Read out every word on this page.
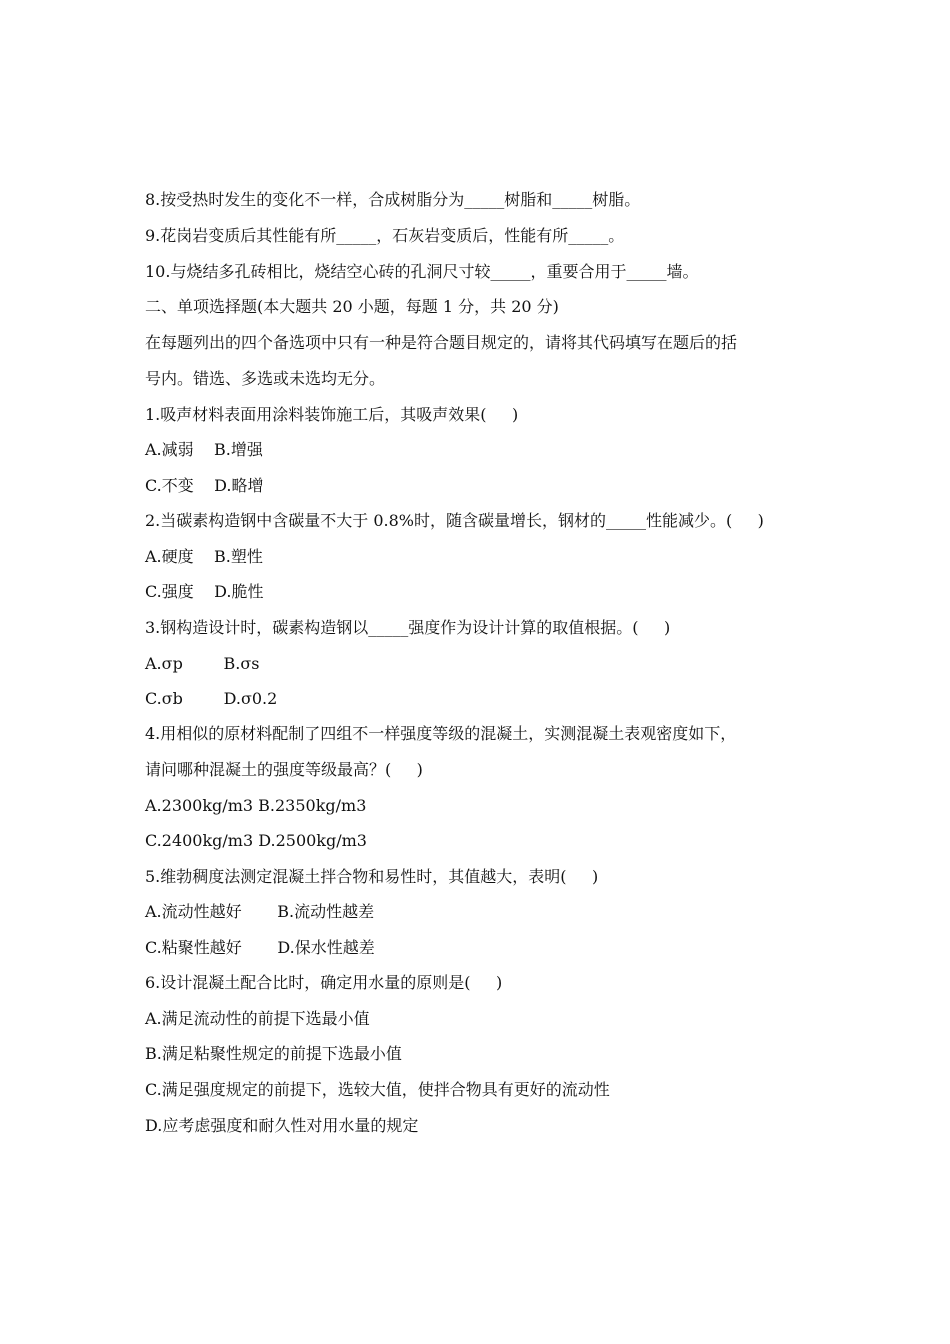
8.按受热时发生的变化不一样，合成树脂分为_____树脂和_____树脂。
9.花岗岩变质后其性能有所_____，石灰岩变质后，性能有所_____。
10.与烧结多孔砖相比，烧结空心砖的孔洞尺寸较_____，重要合用于_____墙。
二、单项选择题(本大题共 20 小题，每题 1 分，共 20 分)
在每题列出的四个备选项中只有一种是符合题目规定的，请将其代码填写在题后的括
号内。错选、多选或未选均无分。
1.吸声材料表面用涂料装饰施工后，其吸声效果(     )
A.减弱    B.增强
C.不变    D.略增
2.当碳素构造钢中含碳量不大于 0.8%时，随含碳量增长，钢材的_____性能减少。(     )
A.硬度    B.塑性
C.强度    D.脆性
3.钢构造设计时，碳素构造钢以_____强度作为设计计算的取值根据。(     )
A.σp        B.σs
C.σb        D.σ0.2
4.用相似的原材料配制了四组不一样强度等级的混凝土，实测混凝土表观密度如下，
请问哪种混凝土的强度等级最高？(     )
A.2300kg/m3 B.2350kg/m3
C.2400kg/m3 D.2500kg/m3
5.维勃稠度法测定混凝土拌合物和易性时，其值越大，表明(     )
A.流动性越好       B.流动性越差
C.粘聚性越好       D.保水性越差
6.设计混凝土配合比时，确定用水量的原则是(     )
A.满足流动性的前提下选最小值
B.满足粘聚性规定的前提下选最小值
C.满足强度规定的前提下，选较大值，使拌合物具有更好的流动性
D.应考虑强度和耐久性对用水量的规定
